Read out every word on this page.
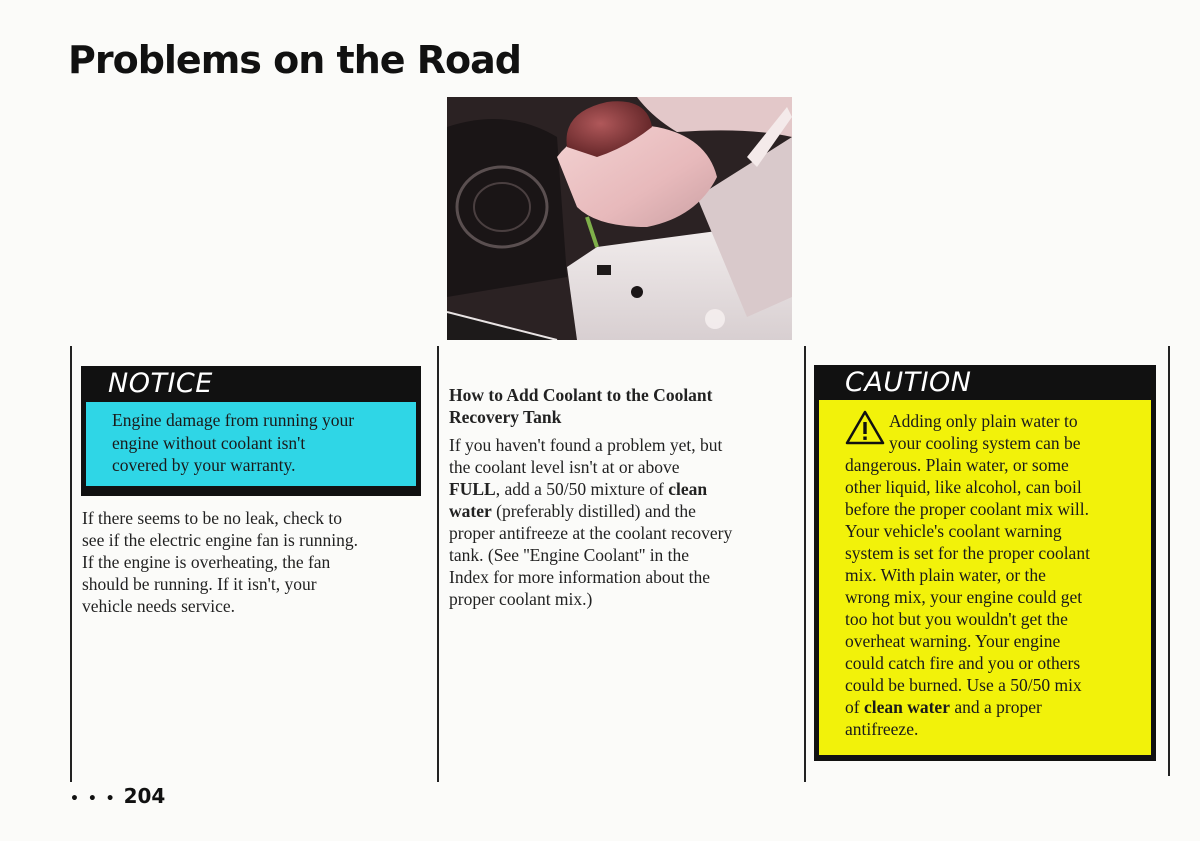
Problems on the Road
NOTICE
Engine damage from running your
engine without coolant isn't
covered by your warranty.
If there seems to be no leak, check to
see if the electric engine fan is running.
If the engine is overheating, the fan
should be running. If it isn't, your
vehicle needs service.
How to Add Coolant to the Coolant
Recovery Tank
If you haven't found a problem yet, but
the coolant level isn't at or above
FULL, add a 50/50 mixture of clean
water (preferably distilled) and the
proper antifreeze at the coolant recovery
tank. (See ''Engine Coolant'' in the
Index for more information about the
proper coolant mix.)
CAUTION
Adding only plain water to
your cooling system can be
dangerous. Plain water, or some
other liquid, like alcohol, can boil
before the proper coolant mix will.
Your vehicle's coolant warning
system is set for the proper coolant
mix. With plain water, or the
wrong mix, your engine could get
too hot but you wouldn't get the
overheat warning. Your engine
could catch fire and you or others
could be burned. Use a 50/50 mix
of clean water and a proper
antifreeze.
• • • 204
